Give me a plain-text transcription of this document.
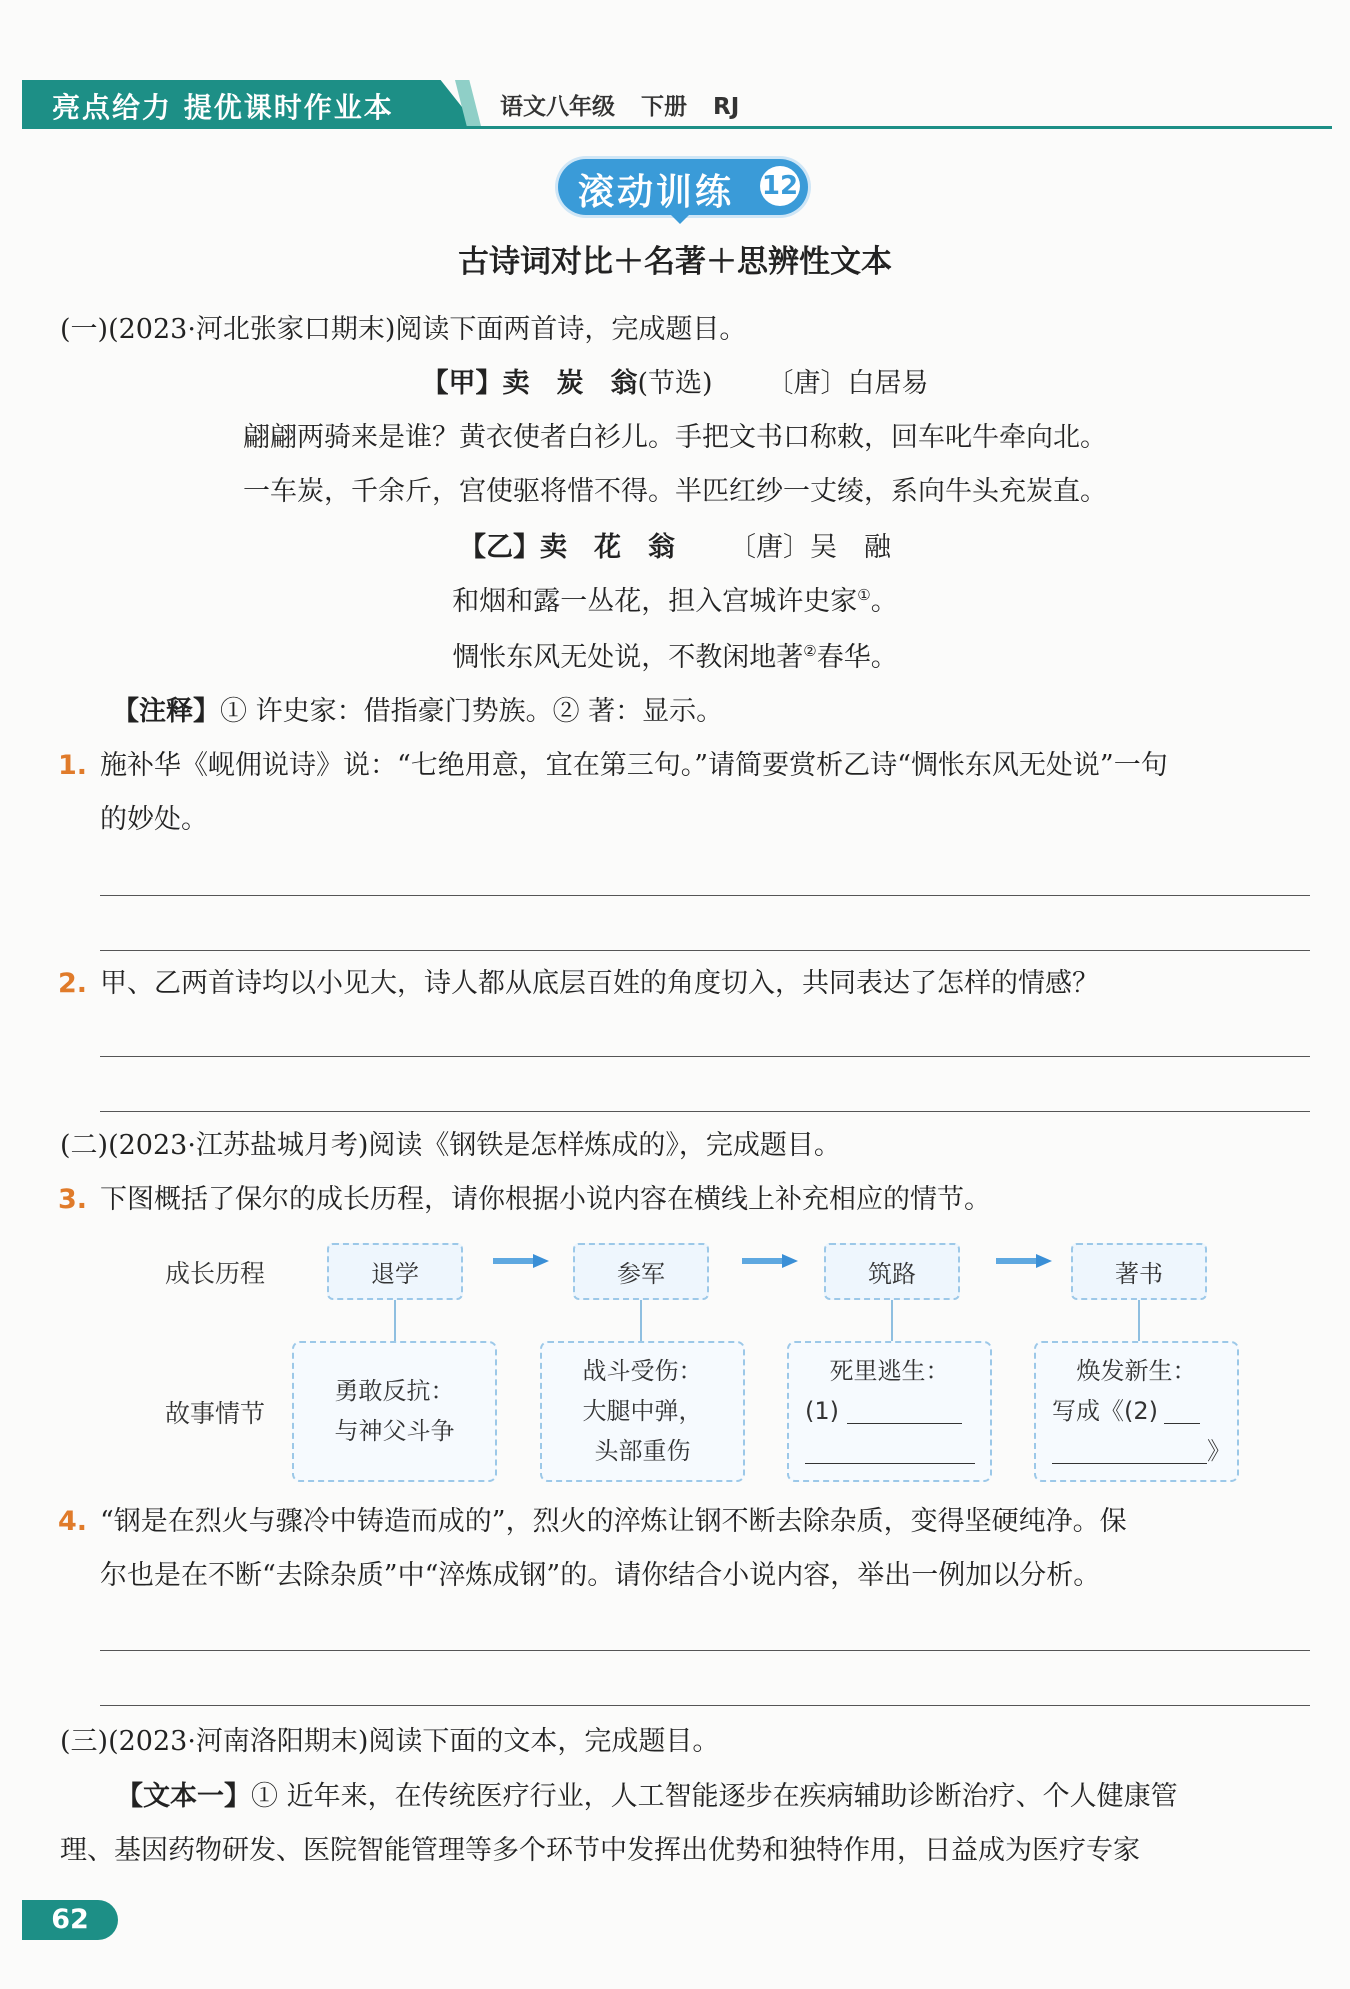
亮点给力 提优课时作业本	语文八年级 下册 RJ
滚动训练 12
古诗词对比＋名著＋思辨性文本
(一)(2023·河北张家口期末)阅读下面两首诗，完成题目。
【甲】卖　炭　翁(节选)   〔唐〕白居易
翩翩两骑来是谁？黄衣使者白衫儿。手把文书口称敕，回车叱牛牵向北。
一车炭，千余斤，宫使驱将惜不得。半匹红纱一丈绫，系向牛头充炭直。
【乙】卖　花　翁   〔唐〕吴　融
和烟和露一丛花，担入宫城许史家①。
惆怅东风无处说，不教闲地著②春华。
【注释】① 许史家：借指豪门势族。② 著：显示。
1. 施补华《岘佣说诗》说：“七绝用意，宜在第三句。”请简要赏析乙诗“惆怅东风无处说”一句
的妙处。
2. 甲、乙两首诗均以小见大，诗人都从底层百姓的角度切入，共同表达了怎样的情感？
(二)(2023·江苏盐城月考)阅读《钢铁是怎样炼成的》，完成题目。
3. 下图概括了保尔的成长历程，请你根据小说内容在横线上补充相应的情节。
成长历程
故事情节
退学	参军	筑路	著书
勇敢反抗：
与神父斗争
战斗受伤：
大腿中弹，
头部重伤
死里逃生：
(1)
焕发新生：
写成《(2)
》
4. “钢是在烈火与骤冷中铸造而成的”，烈火的淬炼让钢不断去除杂质，变得坚硬纯净。保
尔也是在不断“去除杂质”中“淬炼成钢”的。请你结合小说内容，举出一例加以分析。
(三)(2023·河南洛阳期末)阅读下面的文本，完成题目。
【文本一】① 近年来，在传统医疗行业，人工智能逐步在疾病辅助诊断治疗、个人健康管
理、基因药物研发、医院智能管理等多个环节中发挥出优势和独特作用，日益成为医疗专家
62
